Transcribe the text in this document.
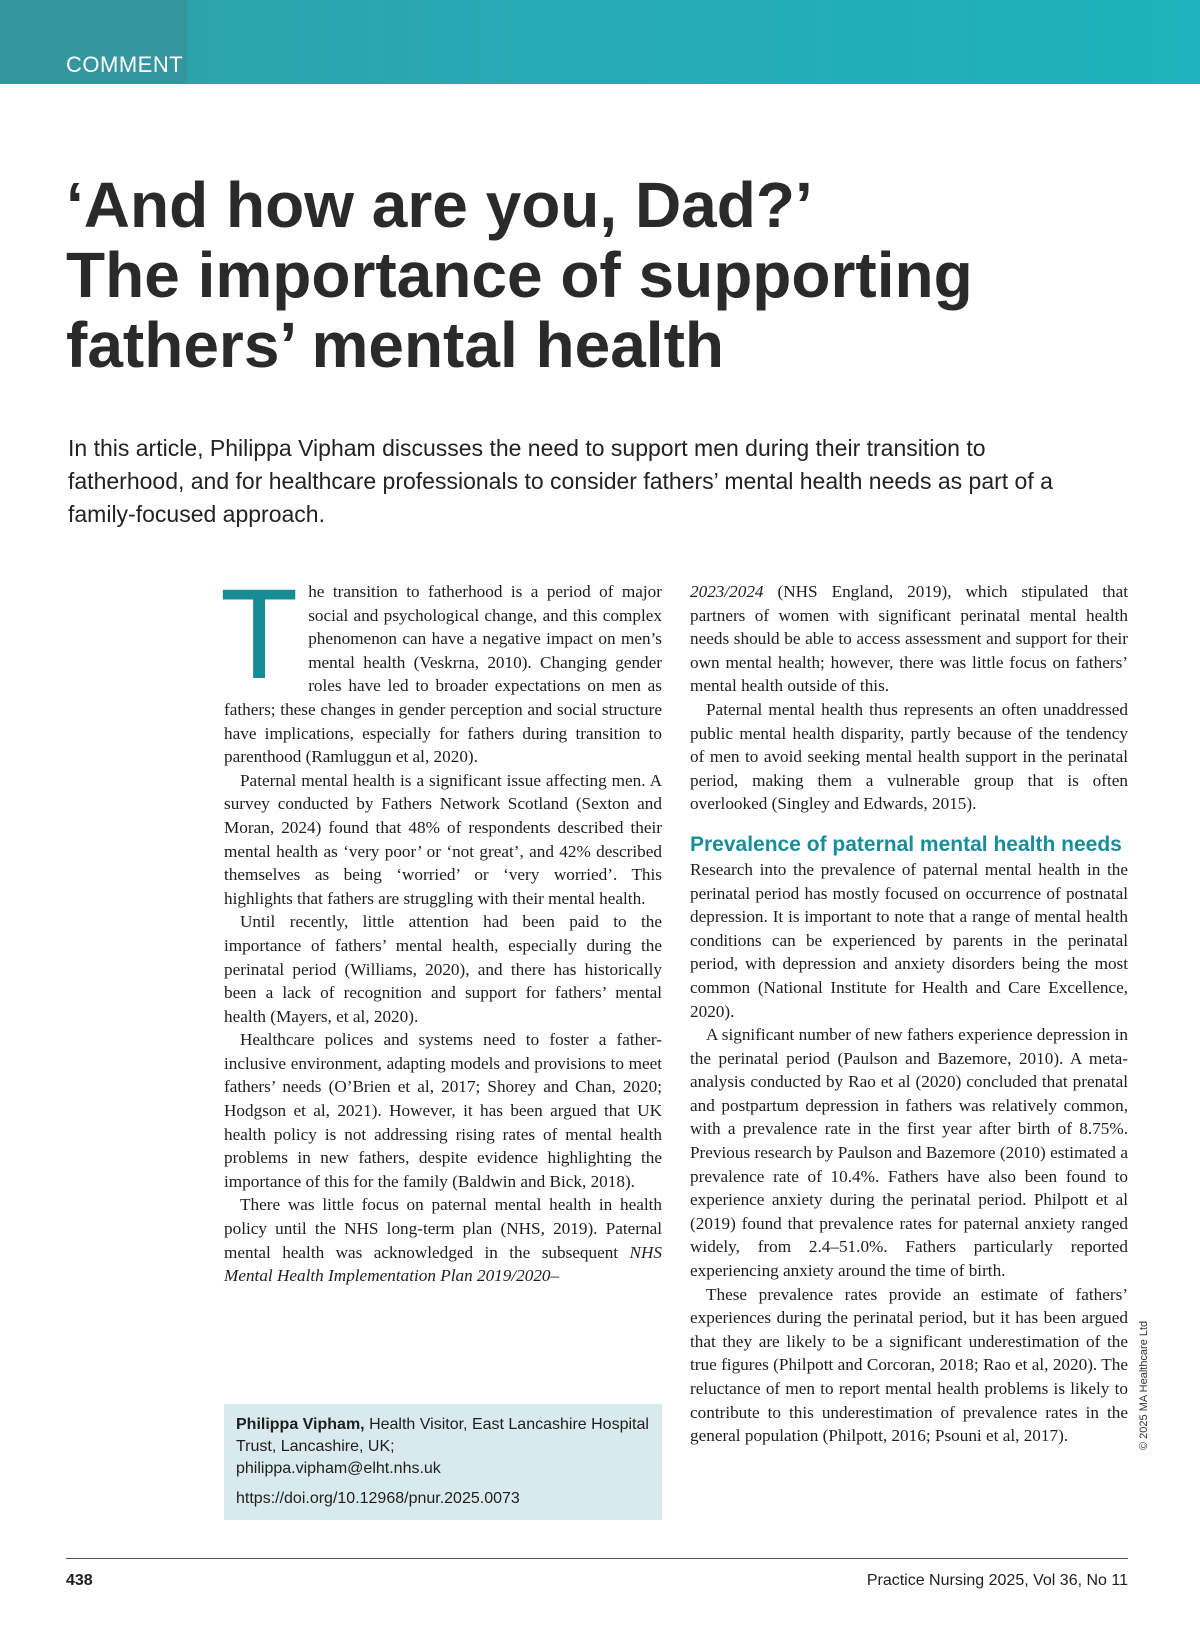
COMMENT
‘And how are you, Dad?’
The importance of supporting
fathers’ mental health

In this article, Philippa Vipham discusses the need to support men during their transition to fatherhood, and for healthcare professionals to consider fathers’ mental health needs as part of a family-focused approach.

The transition to fatherhood is a period of major social and psychological change, and this complex phenomenon can have a negative impact on men’s mental health (Veskrna, 2010). Changing gender roles have led to broader expectations on men as fathers; these changes in gender perception and social structure have implications, especially for fathers during transition to parenthood (Ramluggun et al, 2020).

Paternal mental health is a significant issue affecting men. A survey conducted by Fathers Network Scotland (Sexton and Moran, 2024) found that 48% of respondents described their mental health as ‘very poor’ or ‘not great’, and 42% described themselves as being ‘worried’ or ‘very worried’. This highlights that fathers are struggling with their mental health.

Until recently, little attention had been paid to the importance of fathers’ mental health, especially during the perinatal period (Williams, 2020), and there has historically been a lack of recognition and support for fathers’ mental health (Mayers, et al, 2020).

Healthcare polices and systems need to foster a father-inclusive environment, adapting models and provisions to meet fathers’ needs (O’Brien et al, 2017; Shorey and Chan, 2020; Hodgson et al, 2021). However, it has been argued that UK health policy is not addressing rising rates of mental health problems in new fathers, despite evidence highlighting the importance of this for the family (Baldwin and Bick, 2018).

There was little focus on paternal mental health in health policy until the NHS long-term plan (NHS, 2019). Paternal mental health was acknowledged in the subsequent NHS Mental Health Implementation Plan 2019/2020–

2023/2024 (NHS England, 2019), which stipulated that partners of women with significant perinatal mental health needs should be able to access assessment and support for their own mental health; however, there was little focus on fathers’ mental health outside of this.

Paternal mental health thus represents an often unaddressed public mental health disparity, partly because of the tendency of men to avoid seeking mental health support in the perinatal period, making them a vulnerable group that is often overlooked (Singley and Edwards, 2015).

Prevalence of paternal mental health needs

Research into the prevalence of paternal mental health in the perinatal period has mostly focused on occurrence of postnatal depression. It is important to note that a range of mental health conditions can be experienced by parents in the perinatal period, with depression and anxiety disorders being the most common (National Institute for Health and Care Excellence, 2020).

A significant number of new fathers experience depression in the perinatal period (Paulson and Bazemore, 2010). A meta-analysis conducted by Rao et al (2020) concluded that prenatal and postpartum depression in fathers was relatively common, with a prevalence rate in the first year after birth of 8.75%. Previous research by Paulson and Bazemore (2010) estimated a prevalence rate of 10.4%. Fathers have also been found to experience anxiety during the perinatal period. Philpott et al (2019) found that prevalence rates for paternal anxiety ranged widely, from 2.4–51.0%. Fathers particularly reported experiencing anxiety around the time of birth.

These prevalence rates provide an estimate of fathers’ experiences during the perinatal period, but it has been argued that they are likely to be a significant underestimation of the true figures (Philpott and Corcoran, 2018; Rao et al, 2020). The reluctance of men to report mental health problems is likely to contribute to this underestimation of prevalence rates in the general population (Philpott, 2016; Psouni et al, 2017).

Philippa Vipham, Health Visitor, East Lancashire Hospital Trust, Lancashire, UK;

philippa.vipham@elht.nhs.uk

https://doi.org/10.12968/pnur.2025.0073

© 2025 MA Healthcare Ltd
438	Practice Nursing 2025, Vol 36, No 11
